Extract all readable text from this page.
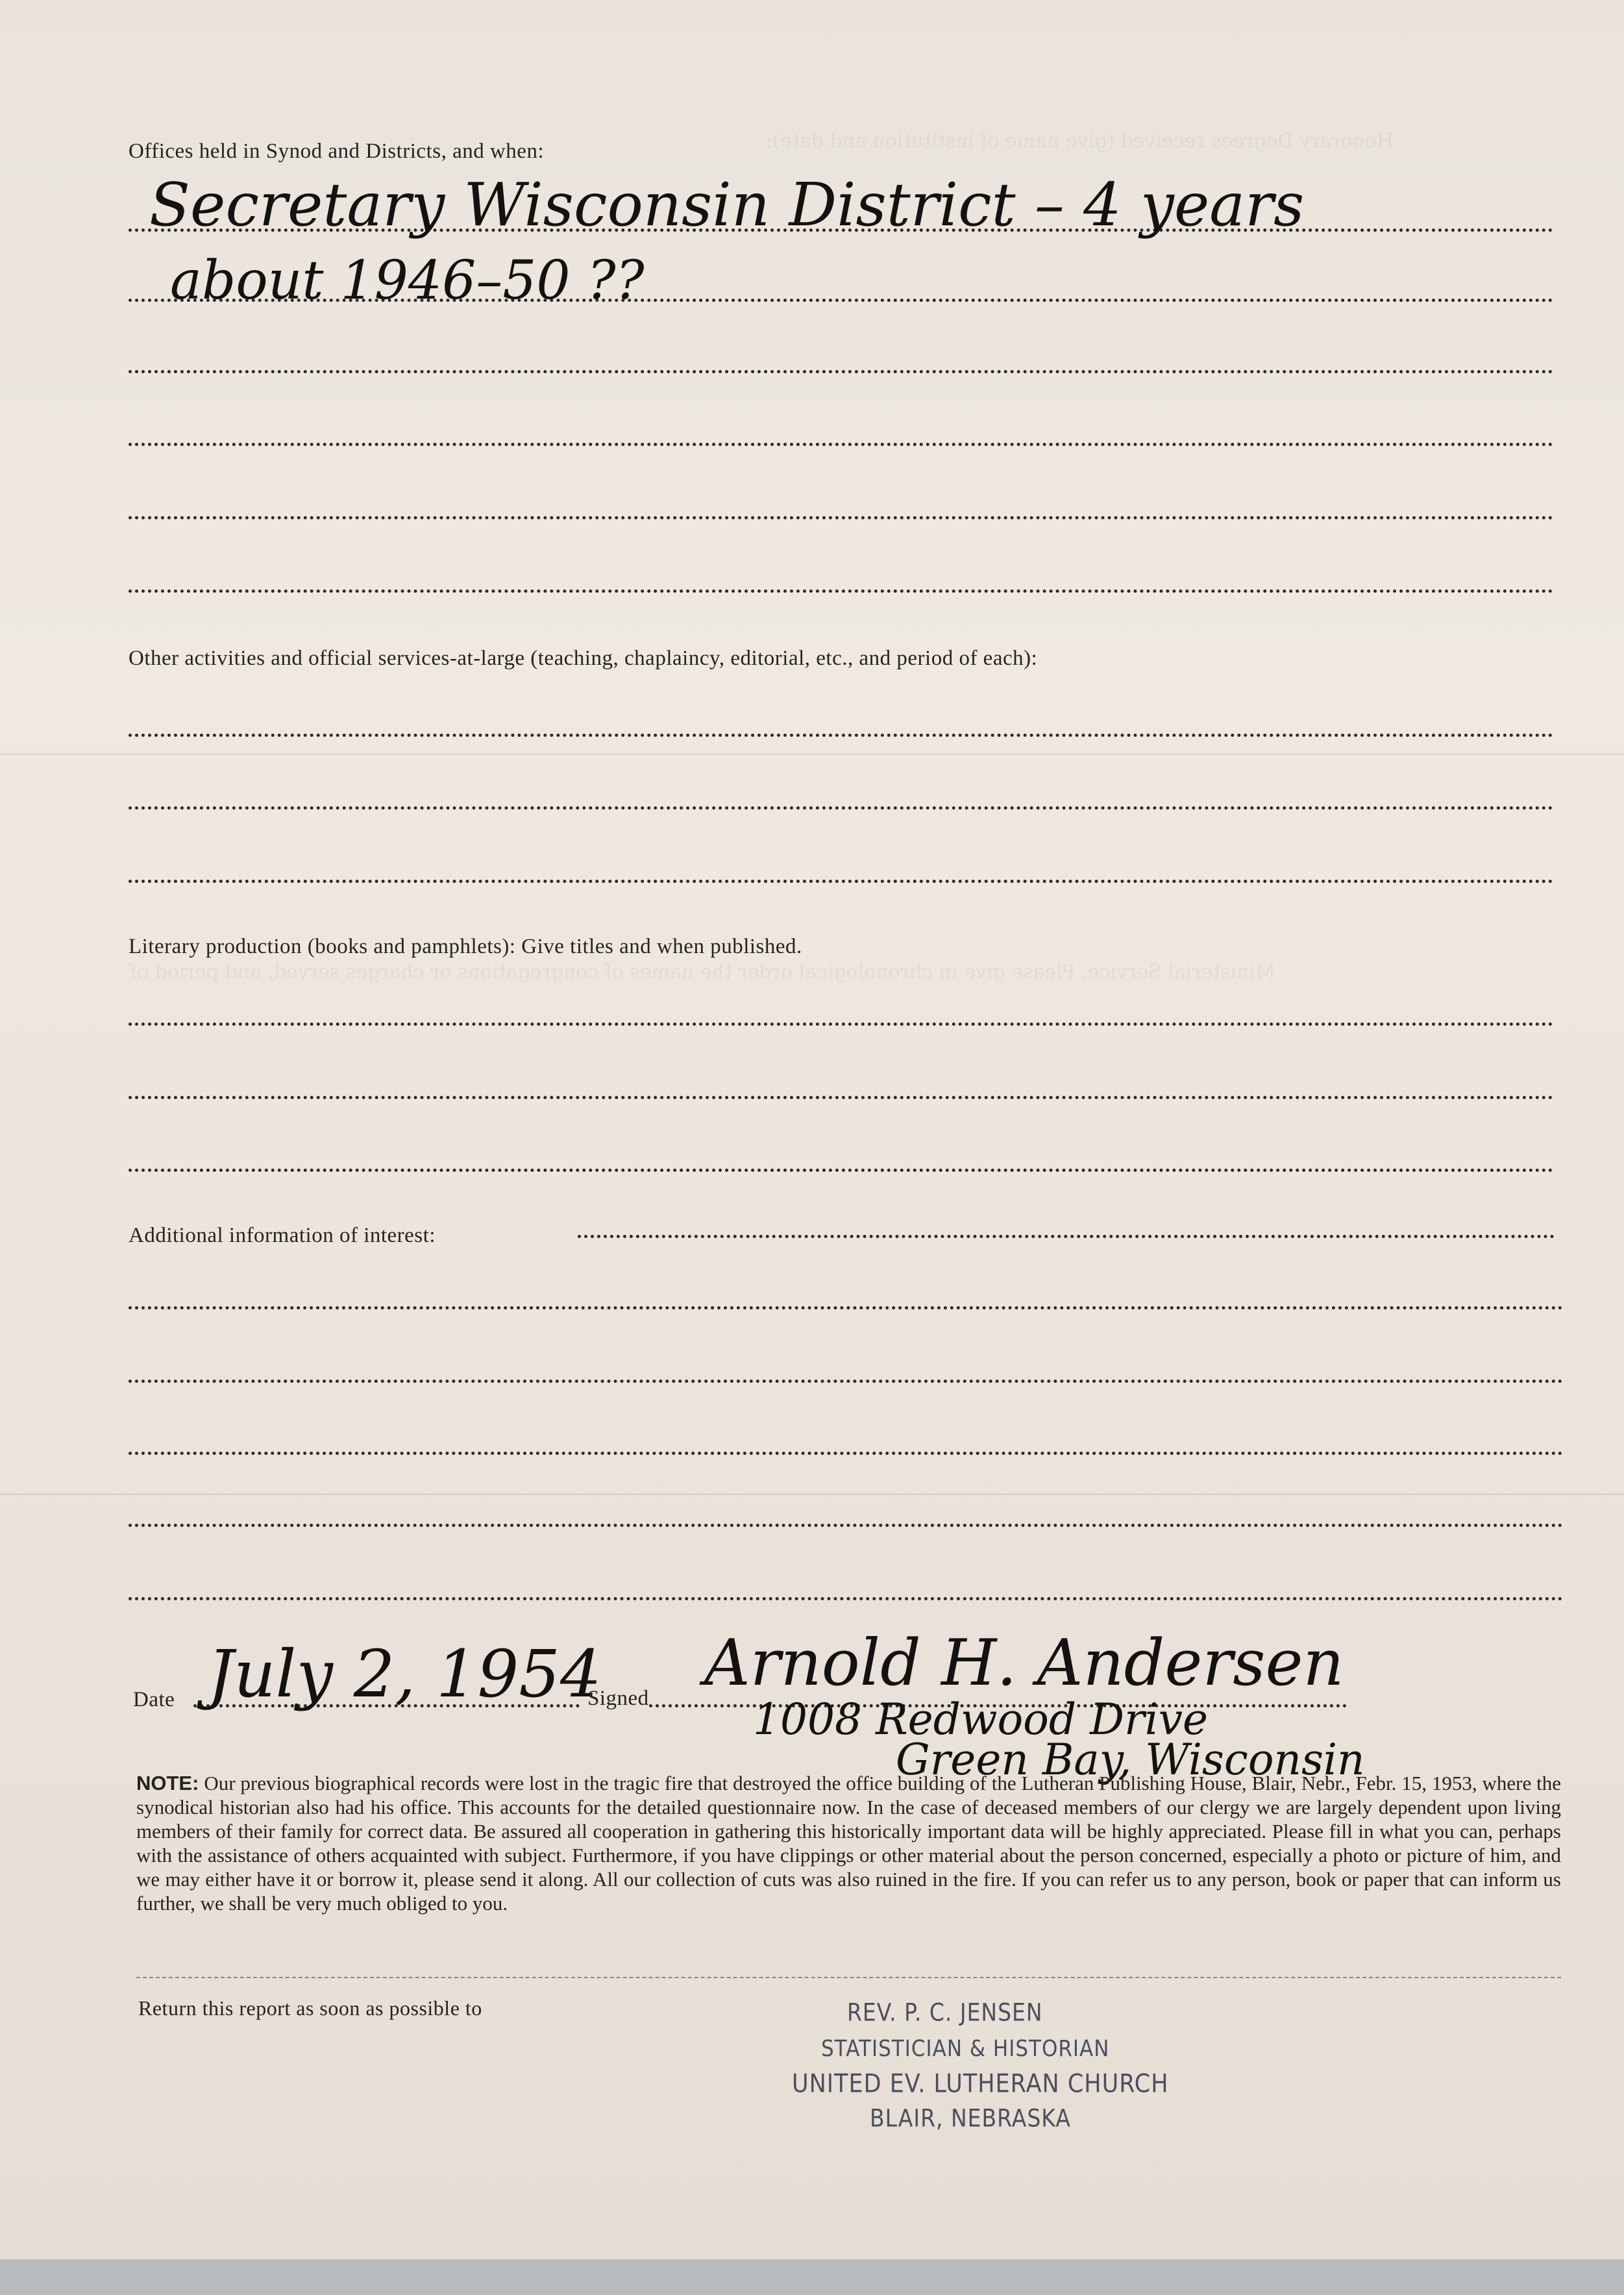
Honorary Degrees received (give name of institution and date):
Ministerial Service. Please give in chronological order the names of congregations or charges served, and period of
Offices held in Synod and Districts, and when:
Secretary Wisconsin District – 4 years
about 1946–50 ??
Other activities and official services-at-large (teaching, chaplaincy, editorial, etc., and period of each):
Literary production (books and pamphlets): Give titles and when published.
Additional information of interest:
Date July 2, 1954
Signed Arnold H. Andersen
1008 Redwood Drive
Green Bay, Wisconsin
NOTE: Our previous biographical records were lost in the tragic fire that destroyed the office building of the Lutheran Publishing House, Blair, Nebr., Febr. 15, 1953, where the synodical historian also had his office. This accounts for the detailed questionnaire now. In the case of deceased members of our clergy we are largely dependent upon living members of their family for correct data. Be assured all cooperation in gathering this historically important data will be highly appreciated. Please fill in what you can, perhaps with the assistance of others acquainted with subject. Furthermore, if you have clippings or other material about the person concerned, especially a photo or picture of him, and we may either have it or borrow it, please send it along. All our collection of cuts was also ruined in the fire. If you can refer us to any person, book or paper that can inform us further, we shall be very much obliged to you.
Return this report as soon as possible to	REV. P. C. JENSEN
STATISTICIAN & HISTORIAN
UNITED EV. LUTHERAN CHURCH
BLAIR, NEBRASKA
